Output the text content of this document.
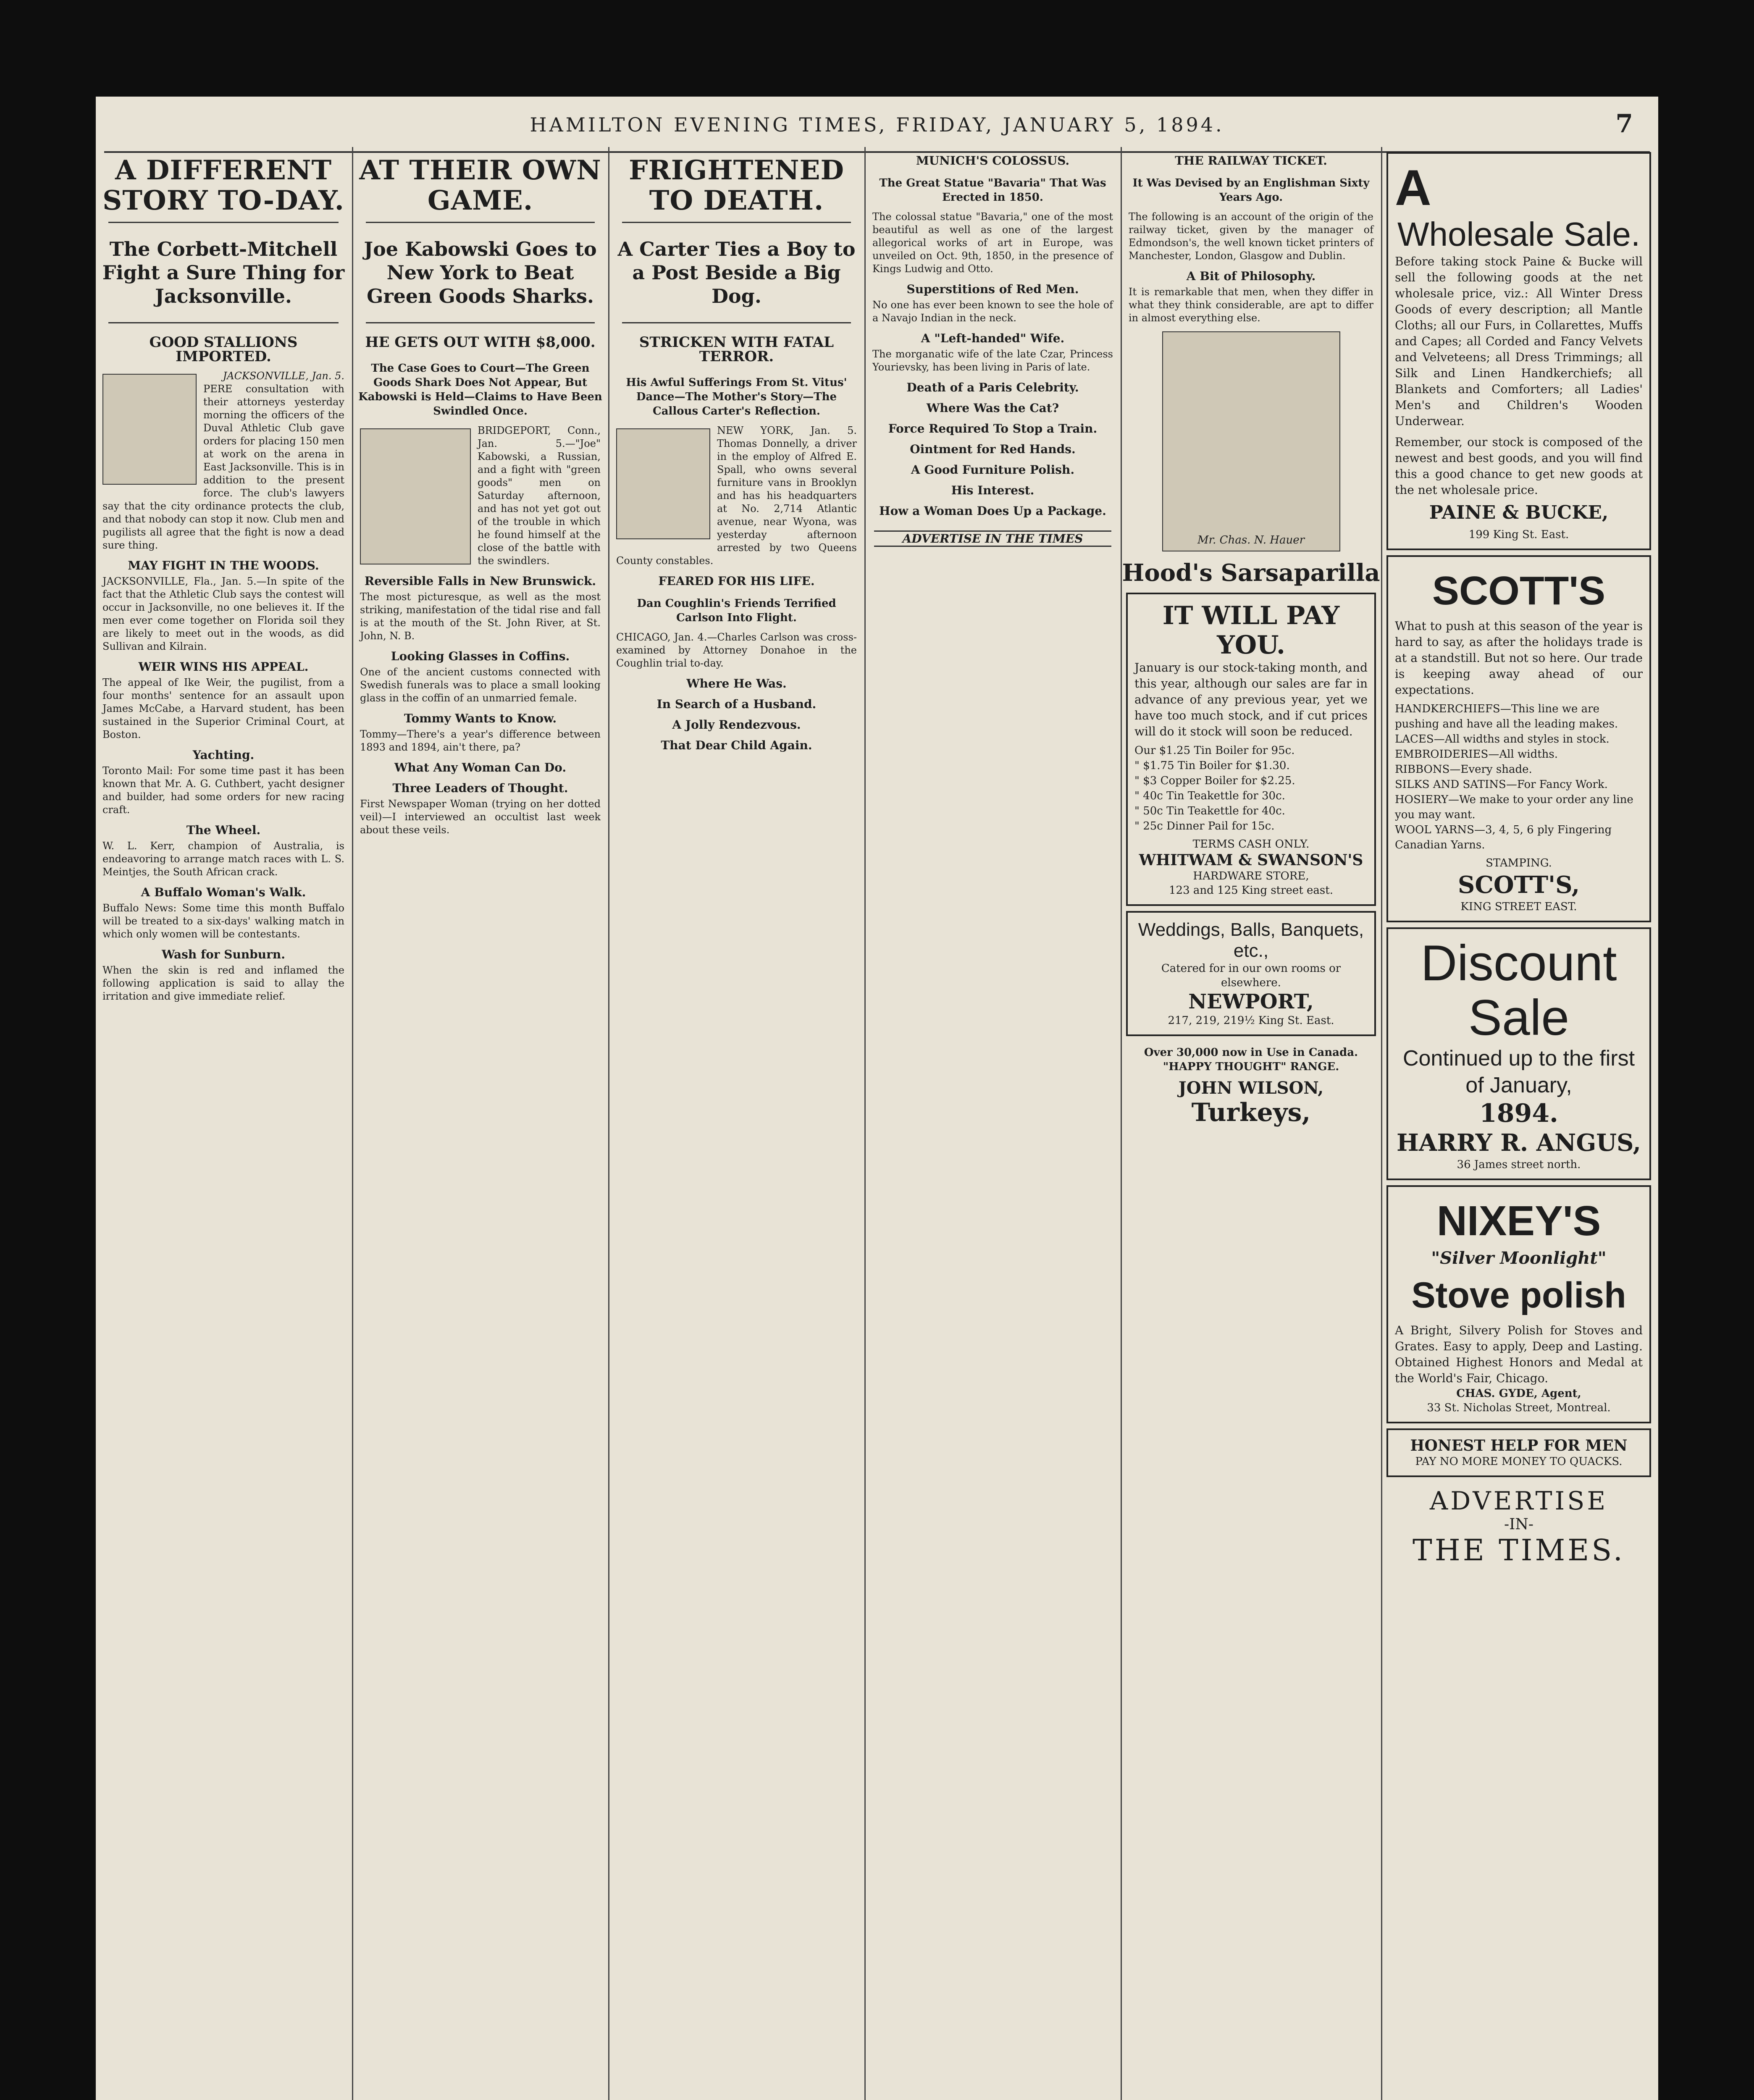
HAMILTON EVENING TIMES, FRIDAY, JANUARY 5, 1894.	7
A DIFFERENT STORY TO-DAY.
The Corbett-Mitchell Fight a Sure Thing for Jacksonville.
GOOD STALLIONS IMPORTED.

JACKSONVILLE, Jan. 5.

PERE consultation with their attorneys yesterday morning the officers of the Duval Athletic Club gave orders for placing 150 men at work on the arena in East Jacksonville. This is in addition to the present force. The club's lawyers say that the city ordinance protects the club, and that nobody can stop it now. Club men and pugilists all agree that the fight is now a dead sure thing.

MAY FIGHT IN THE WOODS.

JACKSONVILLE, Fla., Jan. 5.—In spite of the fact that the Athletic Club says the contest will occur in Jacksonville, no one believes it. If the men ever come together on Florida soil they are likely to meet out in the woods, as did Sullivan and Kilrain.

WEIR WINS HIS APPEAL.

The appeal of Ike Weir, the pugilist, from a four months' sentence for an assault upon James McCabe, a Harvard student, has been sustained in the Superior Criminal Court, at Boston.

Yachting.

Toronto Mail: For some time past it has been known that Mr. A. G. Cuthbert, yacht designer and builder, had some orders for new racing craft.

The Wheel.

W. L. Kerr, champion of Australia, is endeavoring to arrange match races with L. S. Meintjes, the South African crack.

A Buffalo Woman's Walk.

Buffalo News: Some time this month Buffalo will be treated to a six-days' walking match in which only women will be contestants.

Wash for Sunburn.

When the skin is red and inflamed the following application is said to allay the irritation and give immediate relief.

AT THEIR OWN GAME.
Joe Kabowski Goes to New York to Beat Green Goods Sharks.
HE GETS OUT WITH $8,000.
The Case Goes to Court—The Green Goods Shark Does Not Appear, But Kabowski is Held—Claims to Have Been Swindled Once.

BRIDGEPORT, Conn., Jan. 5.—"Joe" Kabowski, a Russian, and a fight with "green goods" men on Saturday afternoon, and has not yet got out of the trouble in which he found himself at the close of the battle with the swindlers.

Reversible Falls in New Brunswick.

The most picturesque, as well as the most striking, manifestation of the tidal rise and fall is at the mouth of the St. John River, at St. John, N. B.

Looking Glasses in Coffins.

One of the ancient customs connected with Swedish funerals was to place a small looking glass in the coffin of an unmarried female.

Tommy Wants to Know.

Tommy—There's a year's difference between 1893 and 1894, ain't there, pa?

What Any Woman Can Do.
Three Leaders of Thought.

First Newspaper Woman (trying on her dotted veil)—I interviewed an occultist last week about these veils.

FRIGHTENED TO DEATH.
A Carter Ties a Boy to a Post Beside a Big Dog.
STRICKEN WITH FATAL TERROR.
His Awful Sufferings From St. Vitus' Dance—The Mother's Story—The Callous Carter's Reflection.

NEW YORK, Jan. 5. Thomas Donnelly, a driver in the employ of Alfred E. Spall, who owns several furniture vans in Brooklyn and has his headquarters at No. 2,714 Atlantic avenue, near Wyona, was yesterday afternoon arrested by two Queens County constables.

FEARED FOR HIS LIFE.
Dan Coughlin's Friends Terrified Carlson Into Flight.

CHICAGO, Jan. 4.—Charles Carlson was cross-examined by Attorney Donahoe in the Coughlin trial to-day.

Where He Was.
In Search of a Husband.
A Jolly Rendezvous.
That Dear Child Again.
MUNICH'S COLOSSUS.
The Great Statue "Bavaria" That Was Erected in 1850.

The colossal statue "Bavaria," one of the most beautiful as well as one of the largest allegorical works of art in Europe, was unveiled on Oct. 9th, 1850, in the presence of Kings Ludwig and Otto.

Superstitions of Red Men.

No one has ever been known to see the hole of a Navajo Indian in the neck.

A "Left-handed" Wife.

The morganatic wife of the late Czar, Princess Yourievsky, has been living in Paris of late.

Death of a Paris Celebrity.
Where Was the Cat?
Force Required To Stop a Train.
Ointment for Red Hands.
A Good Furniture Polish.
His Interest.
How a Woman Does Up a Package.
ADVERTISE IN THE TIMES
THE RAILWAY TICKET.
It Was Devised by an Englishman Sixty Years Ago.

The following is an account of the origin of the railway ticket, given by the manager of Edmondson's, the well known ticket printers of Manchester, London, Glasgow and Dublin.

A Bit of Philosophy.

It is remarkable that men, when they differ in what they think considerable, are apt to differ in almost everything else.

Mr. Chas. N. Hauer
Hood's Sarsaparilla
IT WILL PAY YOU.
January is our stock-taking month, and this year, although our sales are far in advance of any previous year, yet we have too much stock, and if cut prices will do it stock will soon be reduced.
Our $1.25 Tin Boiler for 95c.
" $1.75 Tin Boiler for $1.30.
" $3 Copper Boiler for $2.25.
" 40c Tin Teakettle for 30c.
" 50c Tin Teakettle for 40c.
" 25c Dinner Pail for 15c.
TERMS CASH ONLY.
WHITWAM & SWANSON'S
HARDWARE STORE,
123 and 125 King street east.
Weddings, Balls, Banquets, etc.,
Catered for in our own rooms or elsewhere.
NEWPORT,
217, 219, 219½ King St. East.
Over 30,000 now in Use in Canada. "HAPPY THOUGHT" RANGE.
JOHN WILSON,
Turkeys,
A
Wholesale Sale.
Before taking stock Paine & Bucke will sell the following goods at the net wholesale price, viz.: All Winter Dress Goods of every description; all Mantle Cloths; all our Furs, in Collarettes, Muffs and Capes; all Corded and Fancy Velvets and Velveteens; all Dress Trimmings; all Silk and Linen Handkerchiefs; all Blankets and Comforters; all Ladies' Men's and Children's Wooden Underwear.
Remember, our stock is composed of the newest and best goods, and you will find this a good chance to get new goods at the net wholesale price.
PAINE & BUCKE,
199 King St. East.
SCOTT'S
What to push at this season of the year is hard to say, as after the holidays trade is at a standstill. But not so here. Our trade is keeping away ahead of our expectations.
HANDKERCHIEFS—This line we are pushing and have all the leading makes.
LACES—All widths and styles in stock.
EMBROIDERIES—All widths.
RIBBONS—Every shade.
SILKS AND SATINS—For Fancy Work.
HOSIERY—We make to your order any line you may want.
WOOL YARNS—3, 4, 5, 6 ply Fingering Canadian Yarns.
STAMPING.
SCOTT'S,
KING STREET EAST.
Discount
Sale
Continued up to the first of January,
1894.
HARRY R. ANGUS,
36 James street north.
NIXEY'S
"Silver Moonlight"
Stove polish
A Bright, Silvery Polish for Stoves and Grates. Easy to apply, Deep and Lasting. Obtained Highest Honors and Medal at the World's Fair, Chicago.
CHAS. GYDE, Agent,
33 St. Nicholas Street, Montreal.
HONEST HELP FOR MEN
PAY NO MORE MONEY TO QUACKS.
ADVERTISE
-IN-
THE TIMES.
